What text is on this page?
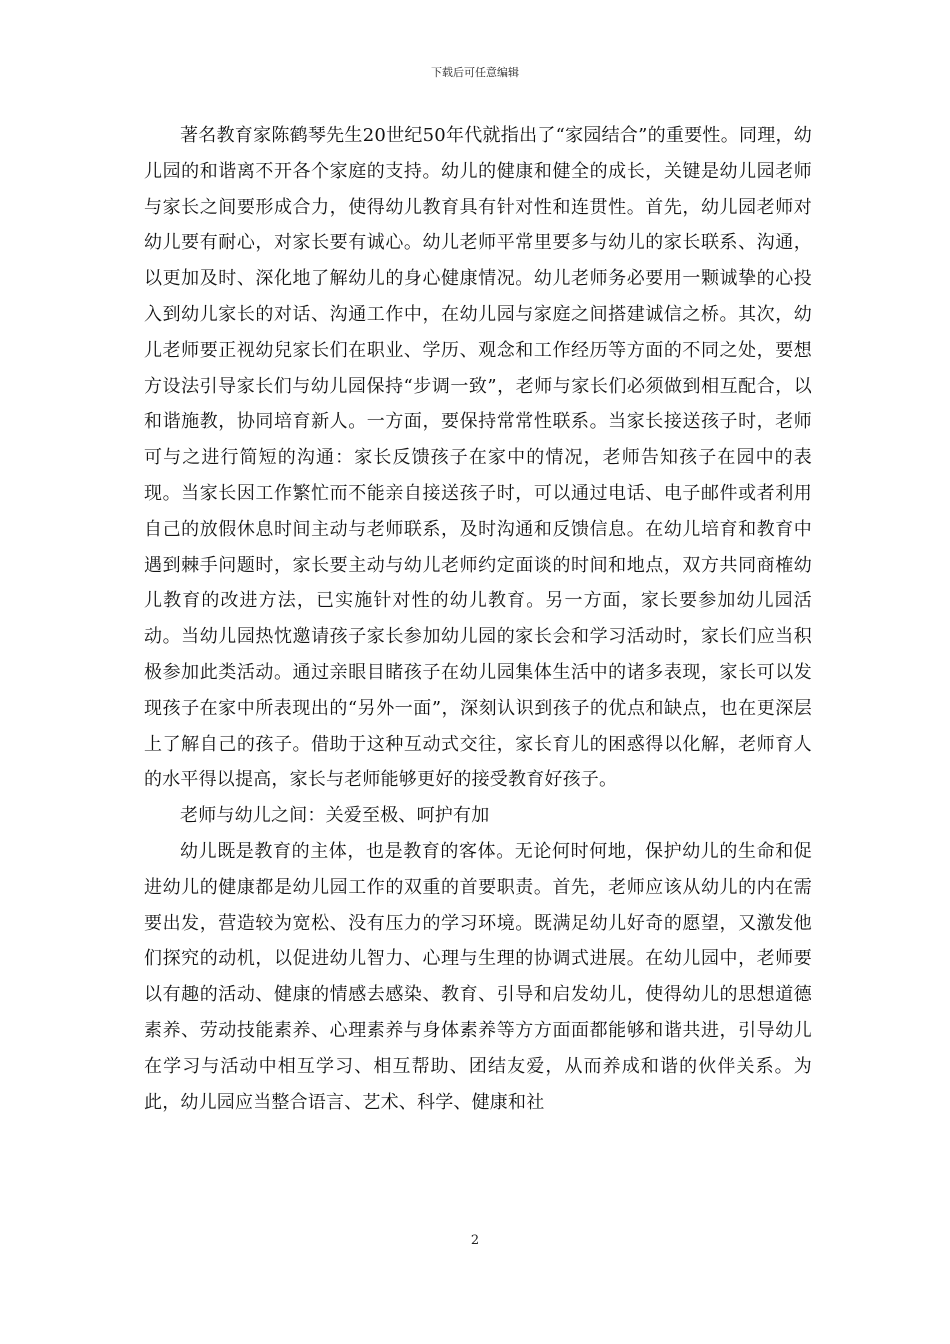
下载后可任意编辑

著名教育家陈鹤琴先生20世纪50年代就指出了“家园结合”的重要性。同理，幼儿园的和谐离不开各个家庭的支持。幼儿的健康和健全的成长，关键是幼儿园老师与家长之间要形成合力，使得幼儿教育具有针对性和连贯性。首先，幼儿园老师对幼儿要有耐心，对家长要有诚心。幼儿老师平常里要多与幼儿的家长联系、沟通，以更加及时、深化地了解幼儿的身心健康情况。幼儿老师务必要用一颗诚挚的心投入到幼儿家长的对话、沟通工作中，在幼儿园与家庭之间搭建诚信之桥。其次，幼儿老师要正视幼兒家长们在职业、学历、观念和工作经历等方面的不同之处，要想方设法引导家长们与幼儿园保持“步调一致”，老师与家长们必须做到相互配合，以和谐施教，协同培育新人。一方面，要保持常常性联系。当家长接送孩子时，老师可与之进行简短的沟通：家长反馈孩子在家中的情况，老师告知孩子在园中的表现。当家长因工作繁忙而不能亲自接送孩子时，可以通过电话、电子邮件或者利用自己的放假休息时间主动与老师联系，及时沟通和反馈信息。在幼儿培育和教育中遇到棘手问题时，家长要主动与幼儿老师约定面谈的时间和地点，双方共同商榷幼儿教育的改进方法，已实施针对性的幼儿教育。另一方面，家长要参加幼儿园活动。当幼儿园热忱邀请孩子家长参加幼儿园的家长会和学习活动时，家长们应当积极参加此类活动。通过亲眼目睹孩子在幼儿园集体生活中的诸多表现，家长可以发现孩子在家中所表现出的“另外一面”，深刻认识到孩子的优点和缺点，也在更深层上了解自己的孩子。借助于这种互动式交往，家长育儿的困惑得以化解，老师育人的水平得以提高，家长与老师能够更好的接受教育好孩子。

老师与幼儿之间：关爱至极、呵护有加

幼儿既是教育的主体，也是教育的客体。无论何时何地，保护幼儿的生命和促进幼儿的健康都是幼儿园工作的双重的首要职责。首先，老师应该从幼儿的内在需要出发，营造较为宽松、没有压力的学习环境。既满足幼儿好奇的愿望，又激发他们探究的动机，以促进幼儿智力、心理与生理的协调式进展。在幼儿园中，老师要以有趣的活动、健康的情感去感染、教育、引导和启发幼儿，使得幼儿的思想道德素养、劳动技能素养、心理素养与身体素养等方方面面都能够和谐共进，引导幼儿在学习与活动中相互学习、相互帮助、团结友爱，从而养成和谐的伙伴关系。为此，幼儿园应当整合语言、艺术、科学、健康和社

2
